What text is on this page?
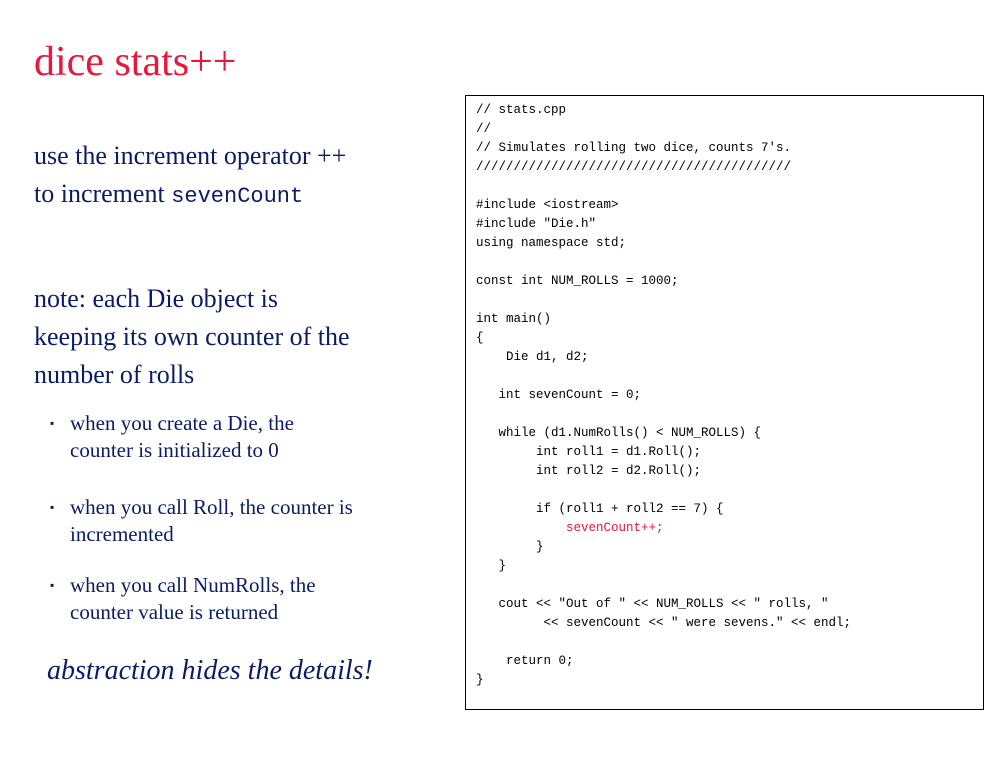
dice stats++
use the increment operator ++
to increment sevenCount
note: each Die object is
keeping its own counter of the
number of rolls
▪ when you create a Die, the
counter is initialized to 0
▪ when you call Roll, the counter is
incremented
▪ when you call NumRolls, the
counter value is returned
abstraction hides the details!
// stats.cpp
//
// Simulates rolling two dice, counts 7's.
//////////////////////////////////////////

#include <iostream>
#include "Die.h"
using namespace std;

const int NUM_ROLLS = 1000;

int main()
{
Die d1, d2;

int sevenCount = 0;

while (d1.NumRolls() < NUM_ROLLS) {
int roll1 = d1.Roll();
int roll2 = d2.Roll();

if (roll1 + roll2 == 7) {
sevenCount++;
}
}

cout << "Out of " << NUM_ROLLS << " rolls, "
<< sevenCount << " were sevens." << endl;

return 0;
}
